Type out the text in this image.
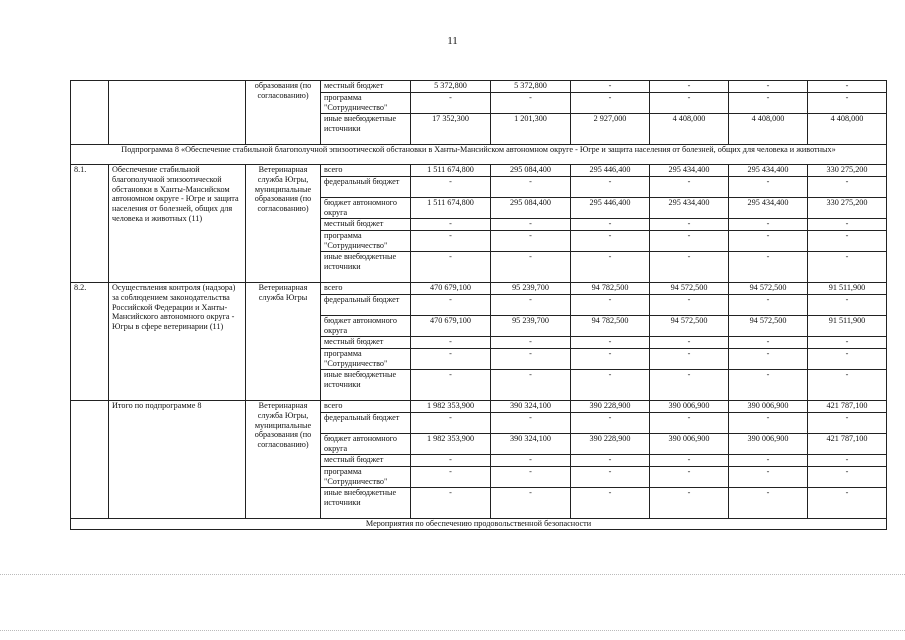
11
		образования (по согласованию)	местный бюджет	5 372,800	5 372,800	-	-	-	-
			программа "Сотрудничество"	-	-	-	-	-	-
			иные внебюджетные источники	17 352,300	1 201,300	2 927,000	4 408,000	4 408,000	4 408,000
Подпрограмма 8 «Обеспечение стабильной благополучной эпизоотической обстановки в Ханты-Мансийском автономном округе - Югре и защита населения от болезней, общих для человека и животных»									
8.1.	Обеспечение стабильной благополучной эпизоотической обстановки в Ханты-Мансийском автономном округе - Югре и защита населения от болезней, общих для человека и животных (11)	Ветеринарная служба Югры, муниципальные образования (по согласованию)	всего	1 511 674,800	295 084,400	295 446,400	295 434,400	295 434,400	330 275,200
			федеральный бюджет	-	-	-	-	-	-
			бюджет автономного округа	1 511 674,800	295 084,400	295 446,400	295 434,400	295 434,400	330 275,200
			местный бюджет	-	-	-	-	-	-
			программа "Сотрудничество"	-	-	-	-	-	-
			иные внебюджетные источники	-	-	-	-	-	-
8.2.	Осуществления контроля (надзора) за соблюдением законодательства Российской Федерации и Ханты-Мансийского автономного округа - Югры в сфере ветеринарии (11)	Ветеринарная служба Югры	всего	470 679,100	95 239,700	94 782,500	94 572,500	94 572,500	91 511,900
			федеральный бюджет	-	-	-	-	-	-
			бюджет автономного округа	470 679,100	95 239,700	94 782,500	94 572,500	94 572,500	91 511,900
			местный бюджет	-	-	-	-	-	-
			программа "Сотрудничество"	-	-	-	-	-	-
			иные внебюджетные источники	-	-	-	-	-	-
	Итого по подпрограмме 8	Ветеринарная служба Югры, муниципальные образования (по согласованию)	всего	1 982 353,900	390 324,100	390 228,900	390 006,900	390 006,900	421 787,100
			федеральный бюджет	-	-	-	-	-	-
			бюджет автономного округа	1 982 353,900	390 324,100	390 228,900	390 006,900	390 006,900	421 787,100
			местный бюджет	-	-	-	-	-	-
			программа "Сотрудничество"	-	-	-	-	-	-
			иные внебюджетные источники	-	-	-	-	-	-
Мероприятия по обеспечению продовольственной безопасности									
